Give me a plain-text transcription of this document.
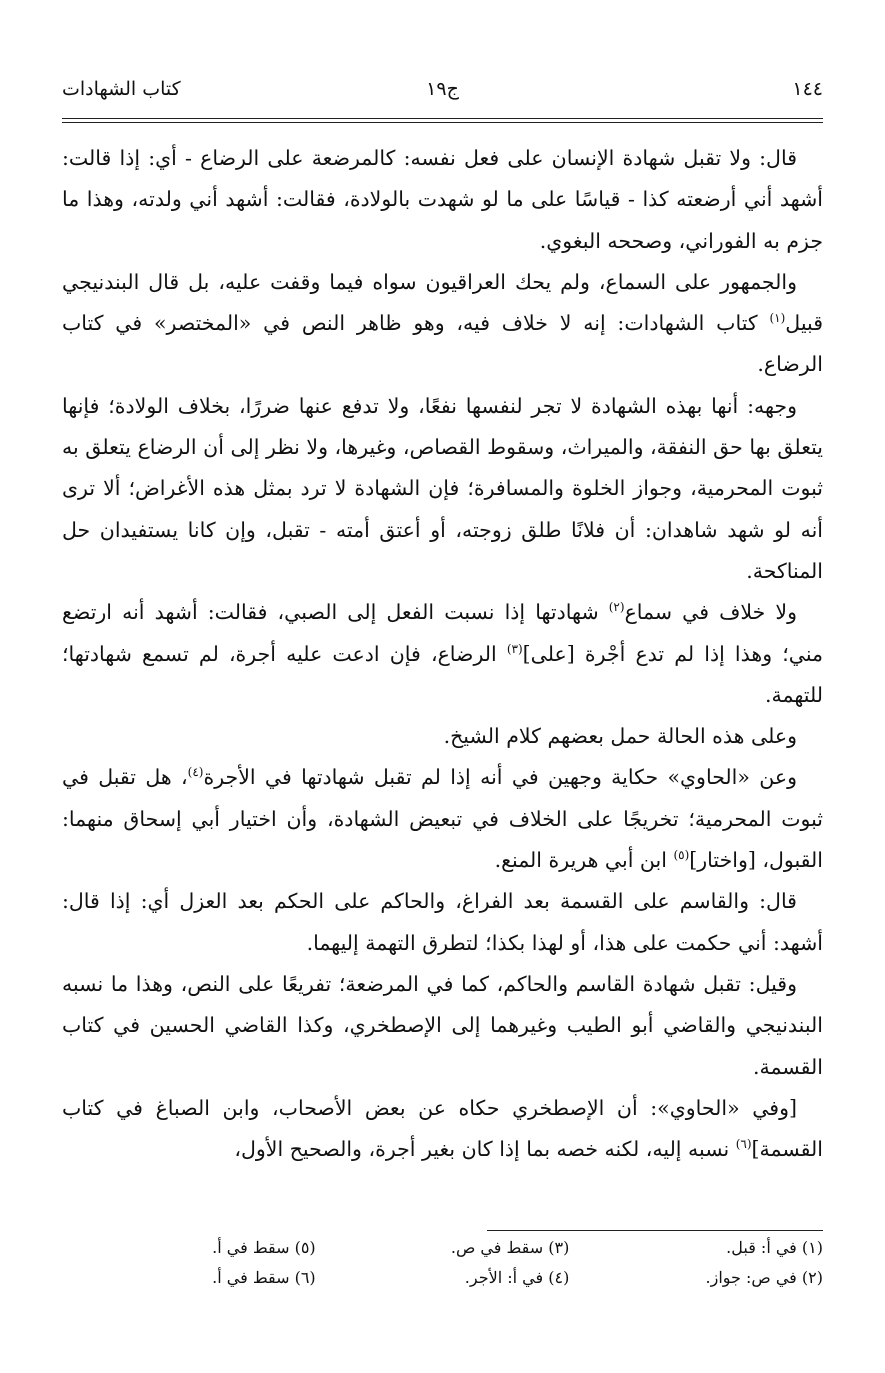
١٤٤
ج١٩
كتاب الشهادات

قال: ولا تقبل شهادة الإنسان على فعل نفسه: كالمرضعة على الرضاع - أي: إذا قالت: أشهد أني أرضعته كذا - قياسًا على ما لو شهدت بالولادة، فقالت: أشهد أني ولدته، وهذا ما جزم به الفوراني، وصححه البغوي.

والجمهور على السماع، ولم يحك العراقيون سواه فيما وقفت عليه، بل قال البندنيجي قبيل$^{(١)}$ كتاب الشهادات: إنه لا خلاف فيه، وهو ظاهر النص في «المختصر» في كتاب الرضاع.

وجهه: أنها بهذه الشهادة لا تجر لنفسها نفعًا، ولا تدفع عنها ضررًا، بخلاف الولادة؛ فإنها يتعلق بها حق النفقة، والميراث، وسقوط القصاص، وغيرها، ولا نظر إلى أن الرضاع يتعلق به ثبوت المحرمية، وجواز الخلوة والمسافرة؛ فإن الشهادة لا ترد بمثل هذه الأغراض؛ ألا ترى أنه لو شهد شاهدان: أن فلانًا طلق زوجته، أو أعتق أمته - تقبل، وإن كانا يستفيدان حل المناكحة.

ولا خلاف في سماع$^{(٢)}$ شهادتها إذا نسبت الفعل إلى الصبي، فقالت: أشهد أنه ارتضع مني؛ وهذا إذا لم تدع أجْرة [على]$^{(٣)}$ الرضاع، فإن ادعت عليه أجرة، لم تسمع شهادتها؛ للتهمة.

وعلى هذه الحالة حمل بعضهم كلام الشيخ.

وعن «الحاوي» حكاية وجهين في أنه إذا لم تقبل شهادتها في الأجرة$^{(٤)}$، هل تقبل في ثبوت المحرمية؛ تخريجًا على الخلاف في تبعيض الشهادة، وأن اختيار أبي إسحاق منهما: القبول، [واختار]$^{(٥)}$ ابن أبي هريرة المنع.

قال: والقاسم على القسمة بعد الفراغ، والحاكم على الحكم بعد العزل أي: إذا قال: أشهد: أني حكمت على هذا، أو لهذا بكذا؛ لتطرق التهمة إليهما.

وقيل: تقبل شهادة القاسم والحاكم، كما في المرضعة؛ تفريعًا على النص، وهذا ما نسبه البندنيجي والقاضي أبو الطيب وغيرهما إلى الإصطخري، وكذا القاضي الحسين في كتاب القسمة.

[وفي «الحاوي»: أن الإصطخري حكاه عن بعض الأصحاب، وابن الصباغ في كتاب القسمة]$^{(٦)}$ نسبه إليه، لكنه خصه بما إذا كان بغير أجرة، والصحيح الأول،

(١) في أ: قبل.
(٢) في ص: جواز.
(٣) سقط في ص.
(٤) في أ: الأجر.
(٥) سقط في أ.
(٦) سقط في أ.
